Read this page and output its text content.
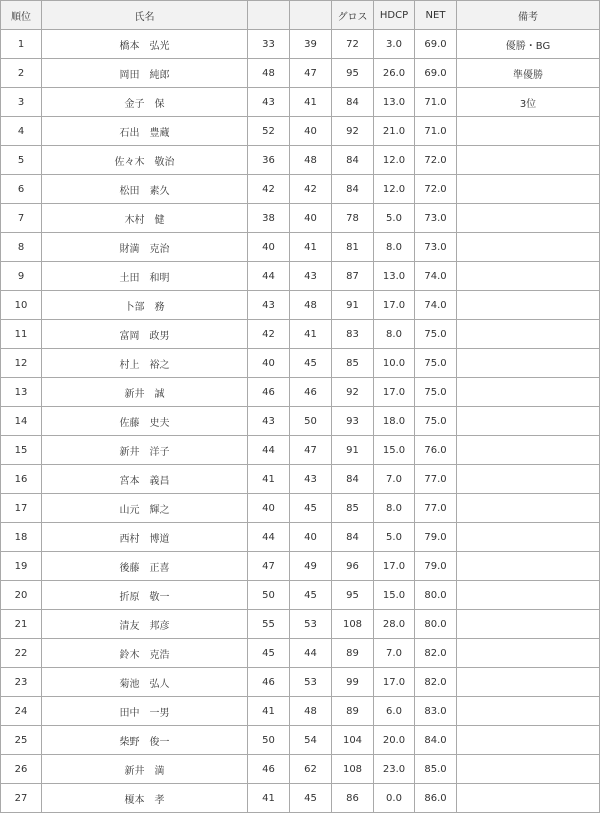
順位	氏名			グロス	HDCP	NET	備考
1	橋本　弘光	33	39	72	3.0	69.0	優勝・BG
2	岡田　純郎	48	47	95	26.0	69.0	準優勝
3	金子　保	43	41	84	13.0	71.0	3位
4	石出　豊蔵	52	40	92	21.0	71.0	
5	佐々木　敬治	36	48	84	12.0	72.0	
6	松田　素久	42	42	84	12.0	72.0	
7	木村　健	38	40	78	5.0	73.0	
8	財満　克治	40	41	81	8.0	73.0	
9	土田　和明	44	43	87	13.0	74.0	
10	卜部　務	43	48	91	17.0	74.0	
11	富岡　政男	42	41	83	8.0	75.0	
12	村上　裕之	40	45	85	10.0	75.0	
13	新井　誠	46	46	92	17.0	75.0	
14	佐藤　史夫	43	50	93	18.0	75.0	
15	新井　洋子	44	47	91	15.0	76.0	
16	宮本　義昌	41	43	84	7.0	77.0	
17	山元　輝之	40	45	85	8.0	77.0	
18	西村　博道	44	40	84	5.0	79.0	
19	後藤　正喜	47	49	96	17.0	79.0	
20	折原　敬一	50	45	95	15.0	80.0	
21	清友　邦彦	55	53	108	28.0	80.0	
22	鈴木　克浩	45	44	89	7.0	82.0	
23	菊池　弘人	46	53	99	17.0	82.0	
24	田中　一男	41	48	89	6.0	83.0	
25	柴野　俊一	50	54	104	20.0	84.0	
26	新井　満	46	62	108	23.0	85.0	
27	榎本　孝	41	45	86	0.0	86.0	
